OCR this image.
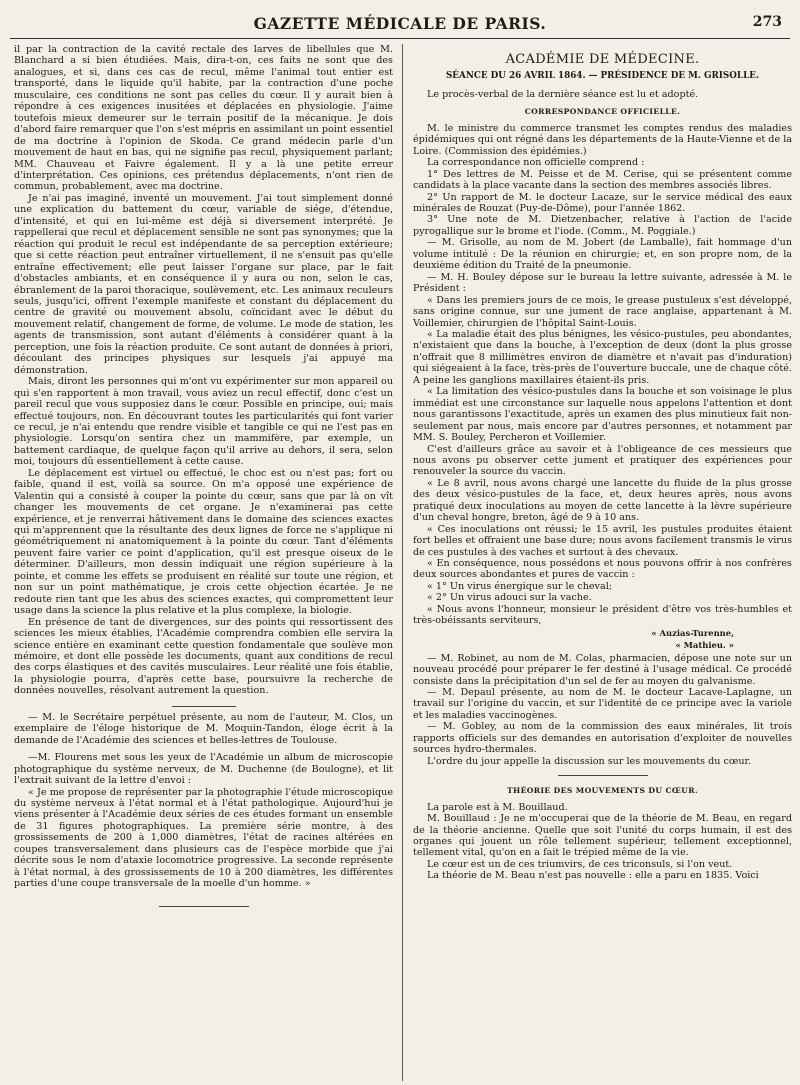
GAZETTE MÉDICALE DE PARIS.	273

il par la contraction de la cavité rectale des larves de libellules que M. Blanchard a si bien étudiées. Mais, dira-t-on, ces faits ne sont que des analogues, et si, dans ces cas de recul, même l'animal tout entier est transporté, dans le liquide qu'il habite, par la contraction d'une poche musculaire, ces conditions ne sont pas celles du cœur. Il y aurait bien à répondre à ces exigences inusitées et déplacées en physiologie. J'aime toutefois mieux demeurer sur le terrain positif de la mécanique. Je dois d'abord faire remarquer que l'on s'est mépris en assimilant un point essentiel de ma doctrine à l'opinion de Skoda. Ce grand médecin parle d'un mouvement de haut en bas, qui ne signifie pas recul, physiquement parlant; MM. Chauveau et Faivre également. Il y a là une petite erreur d'interprétation. Ces opinions, ces prétendus déplacements, n'ont rien de commun, probablement, avec ma doctrine.

Je n'ai pas imaginé, inventé un mouvement. J'ai tout simplement donné une explication du battement du cœur, variable de siége, d'étendue, d'intensité, et qui en lui-même est déjà si diversement interprété. Je rappellerai que recul et déplacement sensible ne sont pas synonymes; que la réaction qui produit le recul est indépendante de sa perception extérieure; que si cette réaction peut entraîner virtuellement, il ne s'ensuit pas qu'elle entraîne effectivement; elle peut laisser l'organe sur place, par le fait d'obstacles ambiants, et en conséquence il y aura ou non, selon le cas, ébranlement de la paroi thoracique, soulèvement, etc. Les animaux reculeurs seuls, jusqu'ici, offrent l'exemple manifeste et constant du déplacement du centre de gravité ou mouvement absolu, coïncidant avec le début du mouvement relatif, changement de forme, de volume. Le mode de station, les agents de transmission, sont autant d'éléments à considérer quant à la perception, une fois la réaction produite. Ce sont autant de données à priori, découlant des principes physiques sur lesquels j'ai appuyé ma démonstration.

Mais, diront les personnes qui m'ont vu expérimenter sur mon appareil ou qui s'en rapportent à mon travail, vous aviez un recul effectif, donc c'est un pareil recul que vous supposiez dans le cœur. Possible en principe, oui; mais effectué toujours, non. En découvrant toutes les particularités qui font varier ce recul, je n'ai entendu que rendre visible et tangible ce qui ne l'est pas en physiologie. Lorsqu'on sentira chez un mammifère, par exemple, un battement cardiaque, de quelque façon qu'il arrive au dehors, il sera, selon moi, toujours dû essentiellement à cette cause.

Le déplacement est virtuel ou effectué, le choc est ou n'est pas; fort ou faible, quand il est, voilà sa source. On m'a opposé une expérience de Valentin qui a consisté à couper la pointe du cœur, sans que par là on vît changer les mouvements de cet organe. Je n'examinerai pas cette expérience, et je renverrai hâtivement dans le domaine des sciences exactes qui m'apprennent que la résultante des deux lignes de force ne s'applique ni géométriquement ni anatomiquement à la pointe du cœur. Tant d'éléments peuvent faire varier ce point d'application, qu'il est presque oiseux de le déterminer. D'ailleurs, mon dessin indiquait une région supérieure à la pointe, et comme les effets se produisent en réalité sur toute une région, et non sur un point mathématique, je crois cette objection écartée. Je ne redoute rien tant que les abus des sciences exactes, qui compromettent leur usage dans la science la plus relative et la plus complexe, la biologie.

En présence de tant de divergences, sur des points qui ressortissent des sciences les mieux établies, l'Académie comprendra combien elle servira la science entière en examinant cette question fondamentale que soulève mon mémoire, et dont elle possède les documents, quant aux conditions de recul des corps élastiques et des cavités musculaires. Leur réalité une fois établie, la physiologie pourra, d'après cette base, poursuivre la recherche de données nouvelles, résolvant autrement la question.

— M. le Secrétaire perpétuel présente, au nom de l'auteur, M. Clos, un exemplaire de l'éloge historique de M. Moquin-Tandon, éloge écrit à la demande de l'Académie des sciences et belles-lettres de Toulouse.

—M. Flourens met sous les yeux de l'Académie un album de microscopie photographique du système nerveux, de M. Duchenne (de Boulogne), et lit l'extrait suivant de la lettre d'envoi :

« Je me propose de représenter par la photographie l'étude microscopique du système nerveux à l'état normal et à l'état pathologique. Aujourd'hui je viens présenter à l'Académie deux séries de ces études formant un ensemble de 31 figures photographiques. La première série montre, à des grossissements de 200 à 1,000 diamètres, l'état de racines altérées en coupes transversalement dans plusieurs cas de l'espèce morbide que j'ai décrite sous le nom d'ataxie locomotrice progressive. La seconde représente à l'état normal, à des grossissements de 10 à 200 diamètres, les différentes parties d'une coupe transversale de la moelle d'un homme. »

ACADÉMIE DE MÉDECINE.
SÉANCE DU 26 AVRIL 1864. — PRÉSIDENCE DE M. GRISOLLE.

Le procès-verbal de la dernière séance est lu et adopté.

CORRESPONDANCE OFFICIELLE.

M. le ministre du commerce transmet les comptes rendus des maladies épidémiques qui ont régné dans les départements de la Haute-Vienne et de la Loire. (Commission des épidémies.)

La correspondance non officielle comprend :

1° Des lettres de M. Peisse et de M. Cerise, qui se présentent comme candidats à la place vacante dans la section des membres associés libres.

2° Un rapport de M. le docteur Lacaze, sur le service médical des eaux minérales de Rouzat (Puy-de-Dôme), pour l'année 1862.

3° Une note de M. Dietzenbacher, relative à l'action de l'acide pyrogallique sur le brome et l'iode. (Comm., M. Poggiale.)

— M. Grisolle, au nom de M. Jobert (de Lamballe), fait hommage d'un volume intitulé : De la réunion en chirurgie; et, en son propre nom, de la deuxième édition du Traité de la pneumonie.

— M. H. Bouley dépose sur le bureau la lettre suivante, adressée à M. le Président :

« Dans les premiers jours de ce mois, le grease pustuleux s'est développé, sans origine connue, sur une jument de race anglaise, appartenant à M. Voillemier, chirurgien de l'hôpital Saint-Louis.

« La maladie était des plus bénignes, les vésico-pustules, peu abondantes, n'existaient que dans la bouche, à l'exception de deux (dont la plus grosse n'offrait que 8 millimètres environ de diamètre et n'avait pas d'induration) qui siégeaient à la face, très-près de l'ouverture buccale, une de chaque côté. A peine les ganglions maxillaires étaient-ils pris.

« La limitation des vésico-pustules dans la bouche et son voisinage le plus immédiat est une circonstance sur laquelle nous appelons l'attention et dont nous garantissons l'exactitude, après un examen des plus minutieux fait non-seulement par nous, mais encore par d'autres personnes, et notamment par MM. S. Bouley, Percheron et Voillemier.

C'est d'ailleurs grâce au savoir et à l'obligeance de ces messieurs que nous avons pu observer cette jument et pratiquer des expériences pour renouveler la source du vaccin.

« Le 8 avril, nous avons chargé une lancette du fluide de la plus grosse des deux vésico-pustules de la face, et, deux heures après, nous avons pratiqué deux inoculations au moyen de cette lancette à la lèvre supérieure d'un cheval hongre, breton, âgé de 9 à 10 ans.

« Ces inoculations ont réussi; le 15 avril, les pustules produites étaient fort belles et offraient une base dure; nous avons facilement transmis le virus de ces pustules à des vaches et surtout à des chevaux.

« En conséquence, nous possédons et nous pouvons offrir à nos confrères deux sources abondantes et pures de vaccin :

« 1° Un virus énergique sur le cheval;

« 2° Un virus adouci sur la vache.

« Nous avons l'honneur, monsieur le président d'être vos très-humbles et très-obéissants serviteurs,

« Auzias-Turenne,
« Mathieu. »

— M. Robinet, au nom de M. Colas, pharmacien, dépose une note sur un nouveau procédé pour préparer le fer destiné à l'usage médical. Ce procédé consiste dans la précipitation d'un sel de fer au moyen du galvanisme.

— M. Depaul présente, au nom de M. le docteur Lacave-Laplagne, un travail sur l'origine du vaccin, et sur l'identité de ce principe avec la variole et les maladies vaccinogènes.

— M. Gobley, au nom de la commission des eaux minérales, lit trois rapports officiels sur des demandes en autorisation d'exploiter de nouvelles sources hydro-thermales.

L'ordre du jour appelle la discussion sur les mouvements du cœur.

THÉORIE DES MOUVEMENTS DU CŒUR.

La parole est à M. Bouillaud.

M. Bouillaud : Je ne m'occuperai que de la théorie de M. Beau, en regard de la théorie ancienne. Quelle que soit l'unité du corps humain, il est des organes qui jouent un rôle tellement supérieur, tellement exceptionnel, tellement vital, qu'on en a fait le trépied même de la vie.

Le cœur est un de ces triumvirs, de ces triconsuls, si l'on veut.

La théorie de M. Beau n'est pas nouvelle : elle a paru en 1835. Voici
